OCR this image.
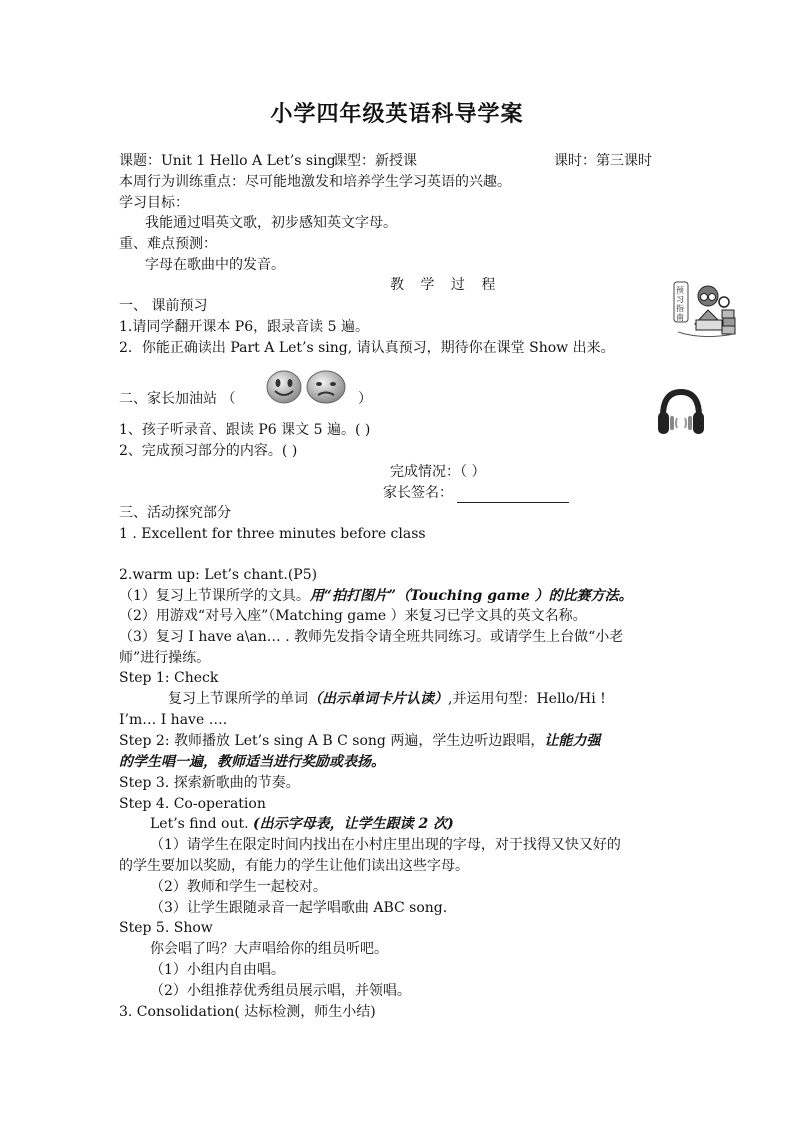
小学四年级英语科导学案
课题：Unit 1 Hello A Let’s sing
课型：新授课	课时：第三课时
本周行为训练重点：尽可能地激发和培养学生学习英语的兴趣。
学习目标：
我能通过唱英文歌，初步感知英文字母。
重、难点预测：
字母在歌曲中的发音。
教 学 过 程
一、 课前预习
1.请同学翻开课本 P6，跟录音读 5 遍。
2．你能正确读出 Part A Let’s sing, 请认真预习，期待你在课堂 Show 出来。
预
习
指
南
二、家长加油站 （	）
1、孩子听录音、跟读 P6 课文 5 遍。( )
2、完成预习部分的内容。( )
完成情况：（ ）
家长签名：
三、活动探究部分
1 . Excellent for three minutes before class
2.warm up: Let’s chant.(P5)
（1）复习上节课所学的文具。用“拍打图片”（Touching game ）的比赛方法。
（2）用游戏“对号入座”（Matching game ）来复习已学文具的英文名称。
（3）复习 I have a\an… . 教师先发指令请全班共同练习。或请学生上台做“小老
师”进行操练。
Step 1: Check
复习上节课所学的单词（出示单词卡片认读）,并运用句型：Hello/Hi !
I’m… I have ….
Step 2: 教师播放 Let’s sing A B C song 两遍，学生边听边跟唱，让能力强
的学生唱一遍，教师适当进行奖励或表扬。
Step 3. 探索新歌曲的节奏。
Step 4. Co-operation
Let’s find out. (出示字母表，让学生跟读 2 次)
（1）请学生在限定时间内找出在小村庄里出现的字母，对于找得又快又好的
的学生要加以奖励，有能力的学生让他们读出这些字母。
（2）教师和学生一起校对。
（3）让学生跟随录音一起学唱歌曲 ABC song.
Step 5. Show
你会唱了吗？大声唱给你的组员听吧。
（1）小组内自由唱。
（2）小组推荐优秀组员展示唱，并领唱。
3. Consolidation( 达标检测，师生小结)
